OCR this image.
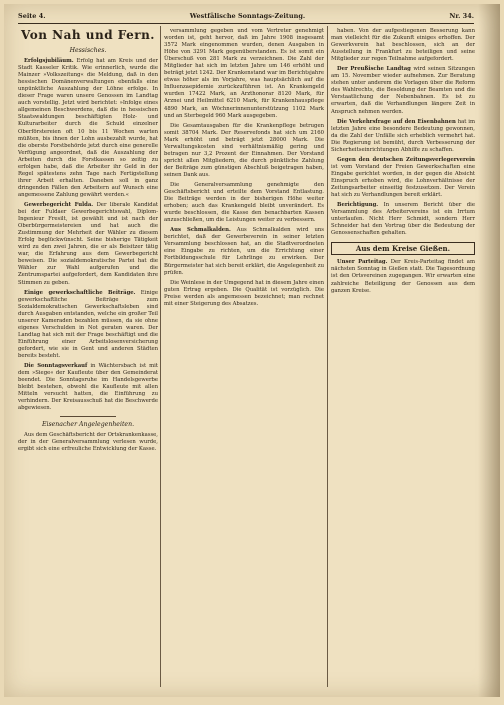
Seite 4.	Westfälische Sonntags-Zeitung.	Nr. 34.
Von Nah und Fern.
Hessisches.

Erfolgsjubiläum. Erfolg hat am Kreis und der Stadt Kasseler Kritik. Wie erinnerlich, wurde die Mainzer »Volkszeitung« die Meldung, daß in den hessischen Domänenverwaltungen ebenfalls eine unpünktliche Auszahlung der Löhne erfolge. In dieser Frage waren unsere Genossen im Landtag auch vorstellig. Jetzt wird berichtet: »Infolge eines allgemeinen Beschwerdens, daß die in hessischen Staatswaldungen beschäftigten Holz- und Kulturarbeiter durch die Schuld einzelner Oberförstereien oft 10 bis 11 Wochen warten müßten, bis ihnen der Lohn ausbezahlt wurde, hat die oberste Forstbehörde jetzt durch eine generelle Verfügung angeordnet, daß die Auszahlung der Arbeiten durch die Forstkassen so zeitig zu erfolgen habe, daß die Arbeiter ihr Geld in der Regel spätestens zehn Tage nach Fertigstellung ihrer Arbeit erhalten. Daneben soll in ganz dringenden Fällen den Arbeitern auf Wunsch eine angemessene Zahlung gewährt werden.«

Gewerbegericht Fulda. Der liberale Kandidat bei der Fuldaer Gewerbegerichtswahl, Diplom-Ingenieur Fresilt, ist gewählt und ist nach der Oberbürgermeistereien und hat auch die Zustimmung der Mehrheit der Wähler zu diesem Erfolg beglückwünscht. Seine bisherige Tätigkeit wird zu den zwei Jahren, die er als Beisitzer tätig war, die Erfahrung aus dem Gewerbegericht beweisen. Die sozialdemokratische Partei hat die Wähler zur Wahl aufgerufen und die Zentrumspartei aufgefordert, dem Kandidaten ihre Stimmen zu geben.

Einige gewerkschaftliche Beiträge. Einige gewerkschaftliche Beiträge zum Sozialdemokratischen Gewerkschaftsleben sind durch Ausgaben entstanden, welche ein großer Teil unserer Kameraden bezahlen müssen, da sie ohne eigenes Verschulden in Not geraten waren. Der Landtag hat sich mit der Frage beschäftigt und die Einführung einer Arbeitslosenversicherung gefordert, wie sie in Gent und anderen Städten bereits besteht.

Die Sonntagsverkauf in Wächtersbach ist mit dem »Siege« der Kaufleute über den Gemeinderat beendet. Die Sonntagsruhe im Handelsgewerbe bleibt bestehen, obwohl die Kaufleute mit allen Mitteln versucht hatten, die Einführung zu verhindern. Der Kreisausschuß hat die Beschwerde abgewiesen.

Eisenacher Angelegenheiten.

Aus dem Geschäftsbericht der Ortskrankenkasse, der in der Generalversammlung verlesen wurde, ergibt sich eine erfreuliche Entwicklung der Kasse.

versammlung gegeben und vom Vertreter genehmigt worden ist, geht hervor, daß im Jahre 1908 insgesamt 3572 Mark eingenommen wurden, denen Ausgaben in Höhe von 3291 Mark gegenüberstanden. Es ist somit ein Überschuß von 281 Mark zu verzeichnen. Die Zahl der Mitglieder hat sich im letzten Jahre um 146 erhöht und beträgt jetzt 1242. Der Krankenstand war im Berichtsjahre etwas höher als im Vorjahre, was hauptsächlich auf die Influenzaepidemie zurückzuführen ist. An Krankengeld wurden 17422 Mark, an Arzthonorar 8120 Mark, für Arznei und Heilmittel 6210 Mark, für Krankenhauspflege 4890 Mark, an Wöchnerinnenunterstützung 1102 Mark und an Sterbegeld 960 Mark ausgegeben.

Die Gesamtausgaben für die Krankenpflege betrugen somit 38704 Mark. Der Reservefonds hat sich um 2160 Mark erhöht und beträgt jetzt 28000 Mark. Die Verwaltungskosten sind verhältnismäßig gering und betragen nur 3,2 Prozent der Einnahmen. Der Vorstand spricht allen Mitgliedern, die durch pünktliche Zahlung der Beiträge zum günstigen Abschluß beigetragen haben, seinen Dank aus.

Die Generalversammlung genehmigte den Geschäftsbericht und erteilte dem Vorstand Entlastung. Die Beiträge werden in der bisherigen Höhe weiter erhoben; auch das Krankengeld bleibt unverändert. Es wurde beschlossen, die Kasse den benachbarten Kassen anzuschließen, um die Leistungen weiter zu verbessern.

Aus Schmalkalden. Aus Schmalkalden wird uns berichtet, daß der Gewerbeverein in seiner letzten Versammlung beschlossen hat, an die Stadtverordneten eine Eingabe zu richten, um die Errichtung einer Fortbildungsschule für Lehrlinge zu erwirken. Der Bürgermeister hat sich bereit erklärt, die Angelegenheit zu prüfen.

Die Weinlese in der Umgegend hat in diesem Jahre einen guten Ertrag ergeben. Die Qualität ist vorzüglich. Die Preise werden als angemessen bezeichnet; man rechnet mit einer Steigerung des Absatzes.

haben. Von der aufgestiegenen Besserung kann man vielleicht für die Zukunft einiges erhoffen. Der Gewerkverein hat beschlossen, sich an der Ausstellung in Frankfurt zu beteiligen und seine Mitglieder zur regen Teilnahme aufgefordert.

Der Preußische Landtag wird seinen Sitzungen am 15. November wieder aufnehmen. Zur Beratung stehen unter anderem die Vorlagen über die Reform des Wahlrechts, die Besoldung der Beamten und die Verstaatlichung der Nebenbahnen. Es ist zu erwarten, daß die Verhandlungen längere Zeit in Anspruch nehmen werden.

Die Verkehrsfrage auf den Eisenbahnen hat im letzten Jahre eine besondere Bedeutung gewonnen, da die Zahl der Unfälle sich erheblich vermehrt hat. Die Regierung ist bemüht, durch Verbesserung der Sicherheitseinrichtungen Abhilfe zu schaffen.

Gegen den deutschen Zeitungsverlegerverein ist vom Vorstand der Freien Gewerkschaften eine Eingabe gerichtet worden, in der gegen die Absicht Einspruch erhoben wird, die Lohnverhältnisse der Zeitungsarbeiter einseitig festzusetzen. Der Verein hat sich zu Verhandlungen bereit erklärt.

Berichtigung. In unserem Bericht über die Versammlung des Arbeitervereins ist ein Irrtum unterlaufen. Nicht Herr Schmidt, sondern Herr Schneider hat den Vortrag über die Bedeutung der Genossenschaften gehalten.

Aus dem Kreise Gießen.

Unser Parteitag. Der Kreis-Parteitag findet am nächsten Sonntag in Gießen statt. Die Tagesordnung ist den Ortsvereinen zugegangen. Wir erwarten eine zahlreiche Beteiligung der Genossen aus dem ganzen Kreise.
